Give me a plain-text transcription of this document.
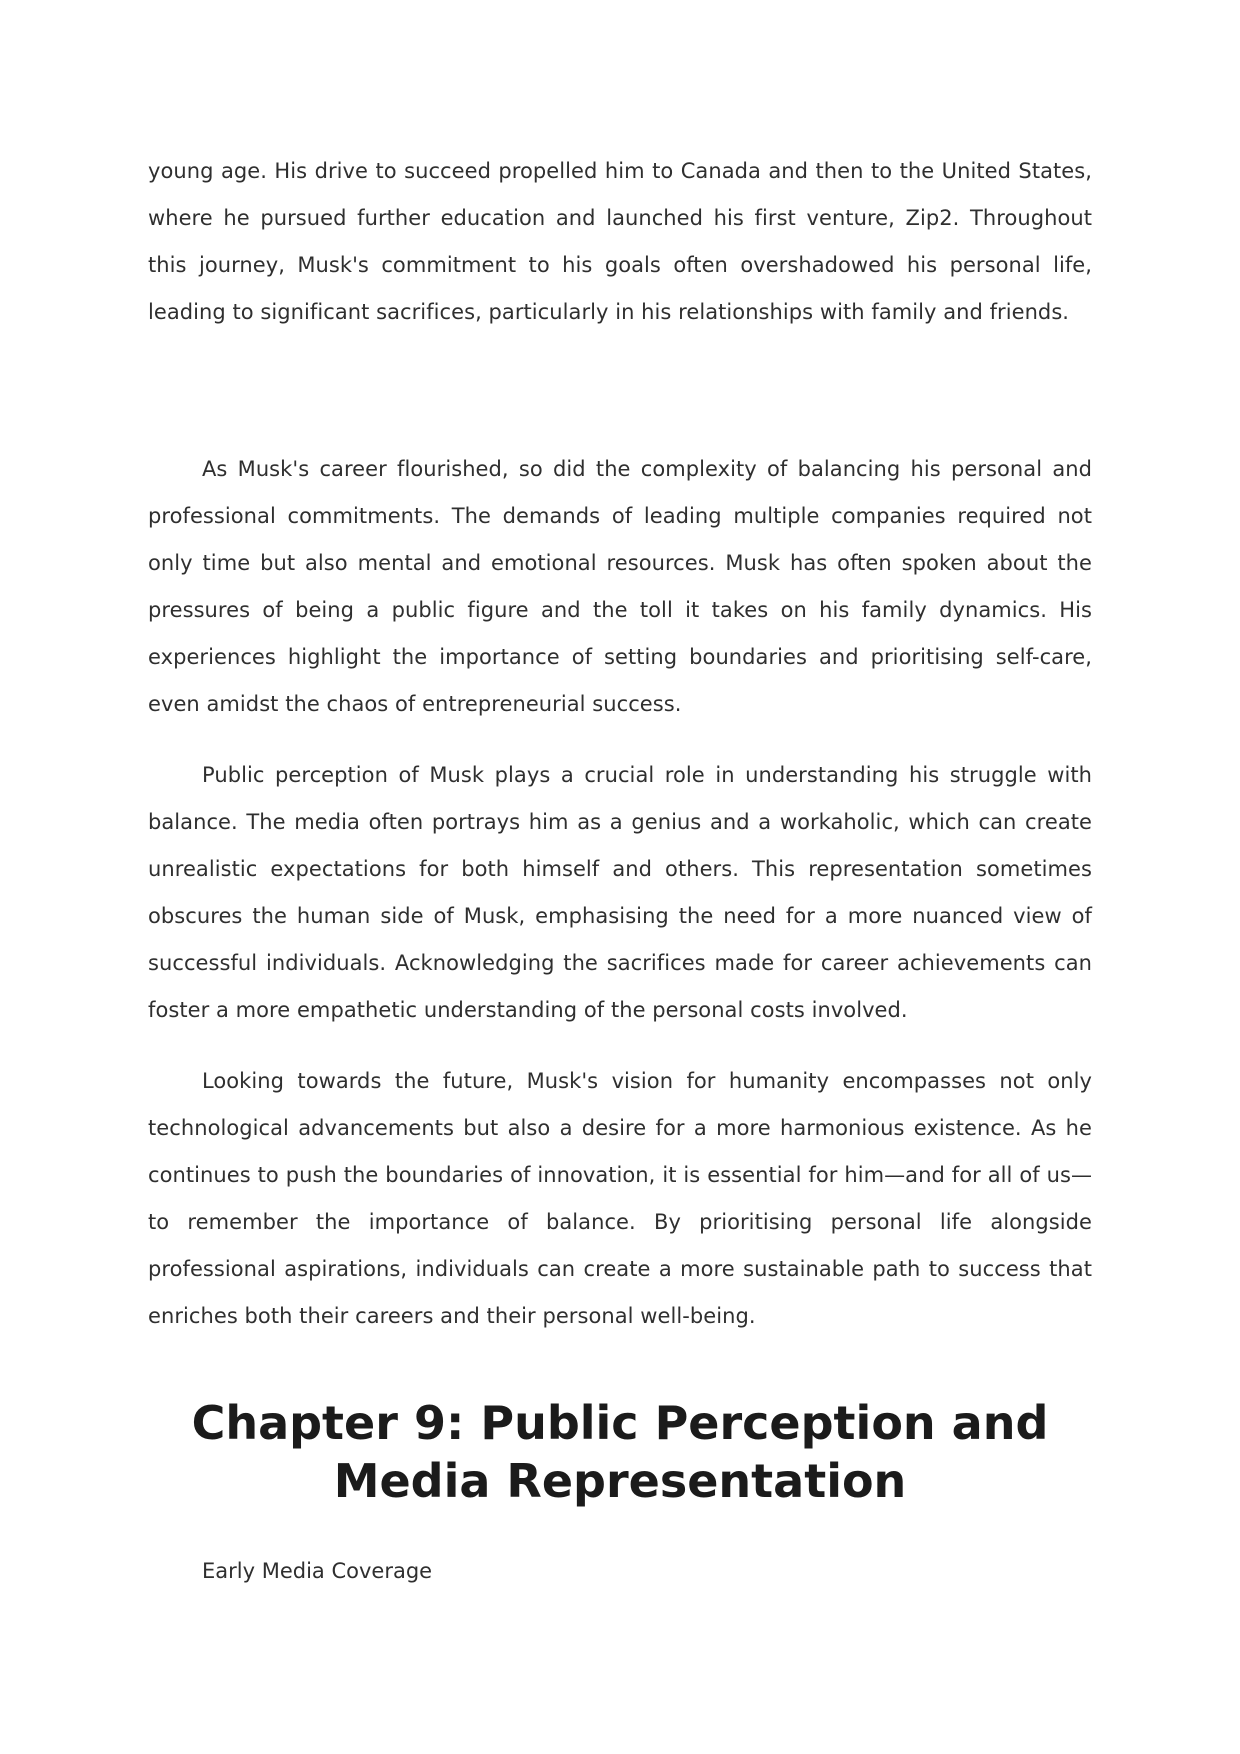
young age. His drive to succeed propelled him to Canada and then to the United States, where he pursued further education and launched his first venture, Zip2. Throughout this journey, Musk's commitment to his goals often overshadowed his personal life, leading to significant sacrifices, particularly in his relationships with family and friends.

As Musk's career flourished, so did the complexity of balancing his personal and professional commitments. The demands of leading multiple companies required not only time but also mental and emotional resources. Musk has often spoken about the pressures of being a public figure and the toll it takes on his family dynamics. His experiences highlight the importance of setting boundaries and prioritising self-care, even amidst the chaos of entrepreneurial success.

Public perception of Musk plays a crucial role in understanding his struggle with balance. The media often portrays him as a genius and a workaholic, which can create unrealistic expectations for both himself and others. This representation sometimes obscures the human side of Musk, emphasising the need for a more nuanced view of successful individuals. Acknowledging the sacrifices made for career achievements can foster a more empathetic understanding of the personal costs involved.

Looking towards the future, Musk's vision for humanity encompasses not only technological advancements but also a desire for a more harmonious existence. As he continues to push the boundaries of innovation, it is essential for him—and for all of us—to remember the importance of balance. By prioritising personal life alongside professional aspirations, individuals can create a more sustainable path to success that enriches both their careers and their personal well-being.

Chapter 9: Public Perception and Media Representation

Early Media Coverage
